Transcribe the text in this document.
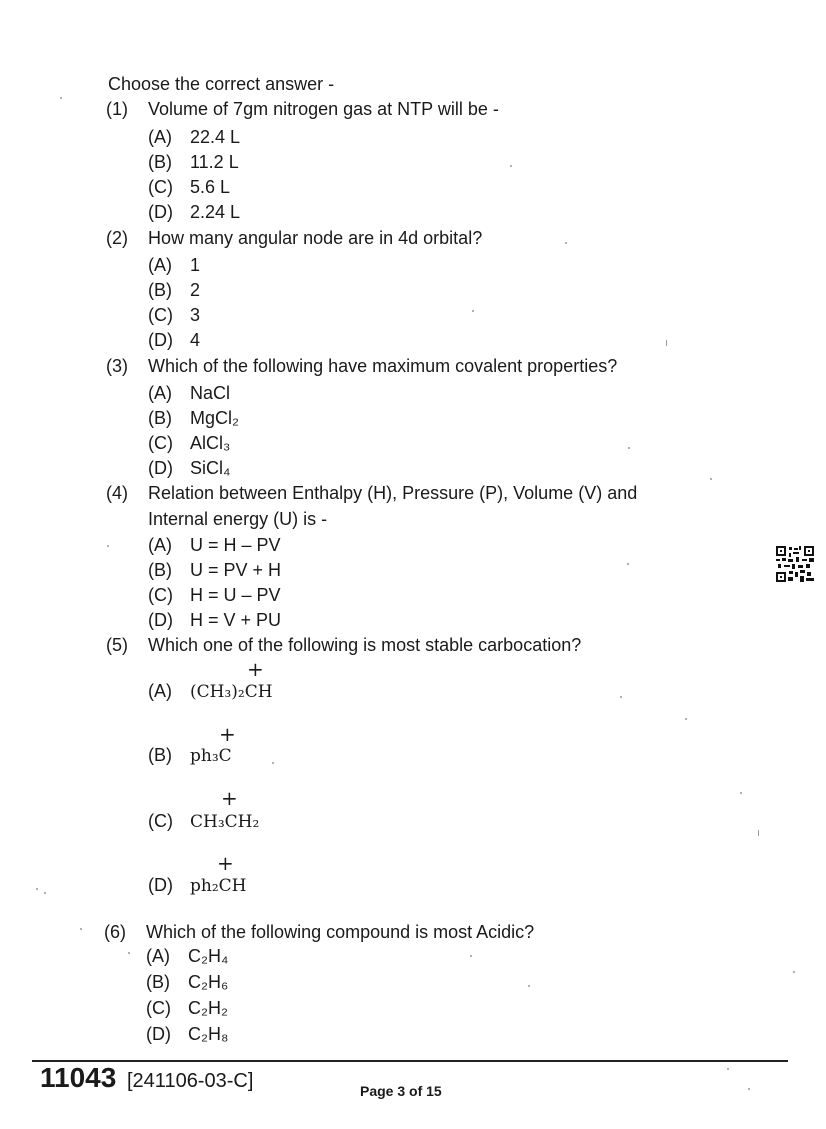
Choose the correct answer -
(1) Volume of 7gm nitrogen gas at NTP will be -
(A) 22.4 L
(B) 11.2 L
(C) 5.6 L
(D) 2.24 L
(2) How many angular node are in 4d orbital?
(A) 1
(B) 2
(C) 3
(D) 4
(3) Which of the following have maximum covalent properties?
(A) NaCl
(B) MgCl₂
(C) AlCl₃
(D) SiCl₄
(4) Relation between Enthalpy (H), Pressure (P), Volume (V) and
Internal energy (U) is -
(A) U = H – PV
(B) U = PV + H
(C) H = U – PV
(D) H = V + PU
(5) Which one of the following is most stable carbocation?
+
(A) (CH₃)₂CH
+
(B) ph₃C
+
(C) CH₃CH₂
+
(D) ph₂CH
(6) Which of the following compound is most Acidic?
(A) C₂H₄
(B) C₂H₆
(C) C₂H₂
(D) C₂H₈
11043 [241106-03-C]	Page 3 of 15
